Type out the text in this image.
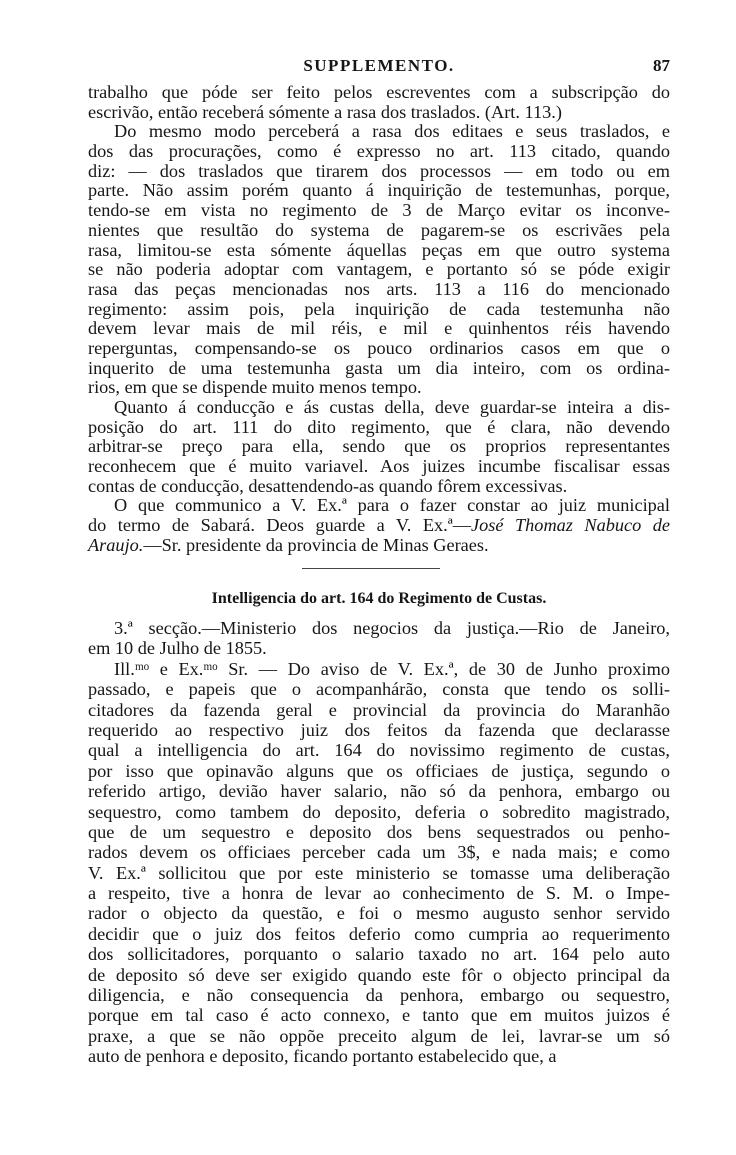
SUPPLEMENTO.	87
trabalho que póde ser feito pelos escreventes com a subscripção do
escrivão, então receberá sómente a rasa dos traslados. (Art. 113.)
Do mesmo modo perceberá a rasa dos editaes e seus traslados, e
dos das procurações, como é expresso no art. 113 citado, quando
diz: — dos traslados que tirarem dos processos — em todo ou em
parte. Não assim porém quanto á inquirição de testemunhas, porque,
tendo-se em vista no regimento de 3 de Março evitar os inconve-
nientes que resultão do systema de pagarem-se os escrivães pela
rasa, limitou-se esta sómente áquellas peças em que outro systema
se não poderia adoptar com vantagem, e portanto só se póde exigir
rasa das peças mencionadas nos arts. 113 a 116 do mencionado
regimento: assim pois, pela inquirição de cada testemunha não
devem levar mais de mil réis, e mil e quinhentos réis havendo
reperguntas, compensando-se os pouco ordinarios casos em que o
inquerito de uma testemunha gasta um dia inteiro, com os ordina-
rios, em que se dispende muito menos tempo.
Quanto á conducção e ás custas della, deve guardar-se inteira a dis-
posição do art. 111 do dito regimento, que é clara, não devendo
arbitrar-se preço para ella, sendo que os proprios representantes
reconhecem que é muito variavel. Aos juizes incumbe fiscalisar essas
contas de conducção, desattendendo-as quando fôrem excessivas.
O que communico a V. Ex.ª para o fazer constar ao juiz municipal
do termo de Sabará. Deos guarde a V. Ex.ª—José Thomaz Nabuco de
Araujo.—Sr. presidente da provincia de Minas Geraes.
Intelligencia do art. 164 do Regimento de Custas.
3.ª secção.—Ministerio dos negocios da justiça.—Rio de Janeiro,
em 10 de Julho de 1855.
Ill.ᵐᵒ e Ex.ᵐᵒ Sr. — Do aviso de V. Ex.ª, de 30 de Junho proximo
passado, e papeis que o acompanhárão, consta que tendo os solli-
citadores da fazenda geral e provincial da provincia do Maranhão
requerido ao respectivo juiz dos feitos da fazenda que declarasse
qual a intelligencia do art. 164 do novissimo regimento de custas,
por isso que opinavão alguns que os officiaes de justiça, segundo o
referido artigo, devião haver salario, não só da penhora, embargo ou
sequestro, como tambem do deposito, deferia o sobredito magistrado,
que de um sequestro e deposito dos bens sequestrados ou penho-
rados devem os officiaes perceber cada um 3$, e nada mais; e como
V. Ex.ª sollicitou que por este ministerio se tomasse uma deliberação
a respeito, tive a honra de levar ao conhecimento de S. M. o Impe-
rador o objecto da questão, e foi o mesmo augusto senhor servido
decidir que o juiz dos feitos deferio como cumpria ao requerimento
dos sollicitadores, porquanto o salario taxado no art. 164 pelo auto
de deposito só deve ser exigido quando este fôr o objecto principal da
diligencia, e não consequencia da penhora, embargo ou sequestro,
porque em tal caso é acto connexo, e tanto que em muitos juizos é
praxe, a que se não oppõe preceito algum de lei, lavrar-se um só
auto de penhora e deposito, ficando portanto estabelecido que, a
